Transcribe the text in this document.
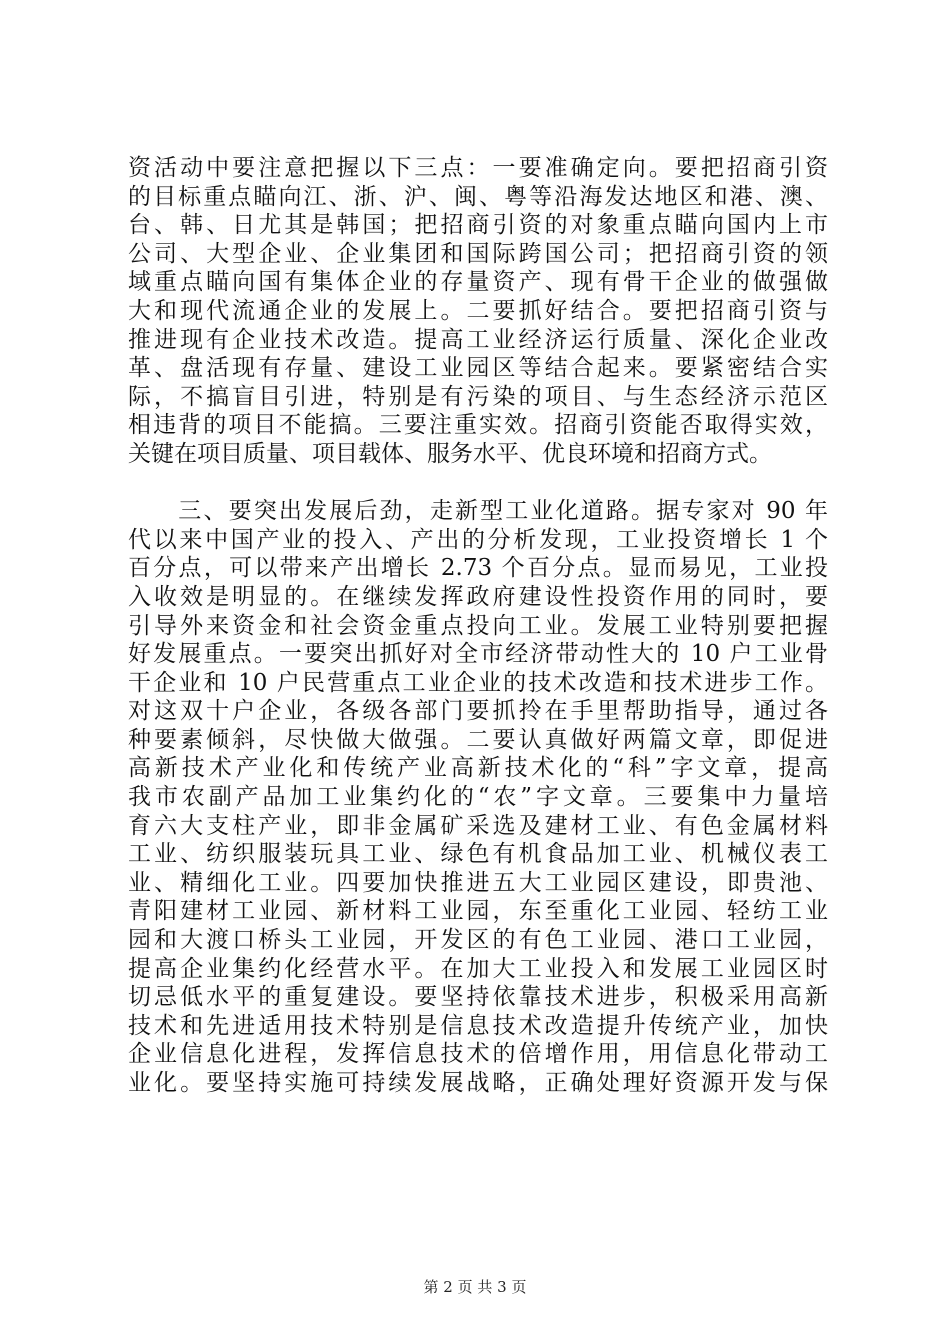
资活动中要注意把握以下三点：一要准确定向。要把招商引资
的目标重点瞄向江、浙、沪、闽、粤等沿海发达地区和港、澳、
台、韩、日尤其是韩国；把招商引资的对象重点瞄向国内上市
公司、大型企业、企业集团和国际跨国公司；把招商引资的领
域重点瞄向国有集体企业的存量资产、现有骨干企业的做强做
大和现代流通企业的发展上。二要抓好结合。要把招商引资与
推进现有企业技术改造。提高工业经济运行质量、深化企业改
革、盘活现有存量、建设工业园区等结合起来。要紧密结合实
际，不搞盲目引进，特别是有污染的项目、与生态经济示范区
相违背的项目不能搞。三要注重实效。招商引资能否取得实效，
关键在项目质量、项目载体、服务水平、优良环境和招商方式。
　　三、要突出发展后劲，走新型工业化道路。据专家对 90 年
代以来中国产业的投入、产出的分析发现，工业投资增长 1 个
百分点，可以带来产出增长 2.73 个百分点。显而易见，工业投
入收效是明显的。在继续发挥政府建设性投资作用的同时，要
引导外来资金和社会资金重点投向工业。发展工业特别要把握
好发展重点。一要突出抓好对全市经济带动性大的 10 户工业骨
干企业和 10 户民营重点工业企业的技术改造和技术进步工作。
对这双十户企业，各级各部门要抓拎在手里帮助指导，通过各
种要素倾斜，尽快做大做强。二要认真做好两篇文章，即促进
高新技术产业化和传统产业高新技术化的“科”字文章，提高
我市农副产品加工业集约化的“农”字文章。三要集中力量培
育六大支柱产业，即非金属矿采选及建材工业、有色金属材料
工业、纺织服装玩具工业、绿色有机食品加工业、机械仪表工
业、精细化工业。四要加快推进五大工业园区建设，即贵池、
青阳建材工业园、新材料工业园，东至重化工业园、轻纺工业
园和大渡口桥头工业园，开发区的有色工业园、港口工业园，
提高企业集约化经营水平。在加大工业投入和发展工业园区时
切忌低水平的重复建设。要坚持依靠技术进步，积极采用高新
技术和先进适用技术特别是信息技术改造提升传统产业，加快
企业信息化进程，发挥信息技术的倍增作用，用信息化带动工
业化。要坚持实施可持续发展战略，正确处理好资源开发与保
第 2 页 共 3 页
